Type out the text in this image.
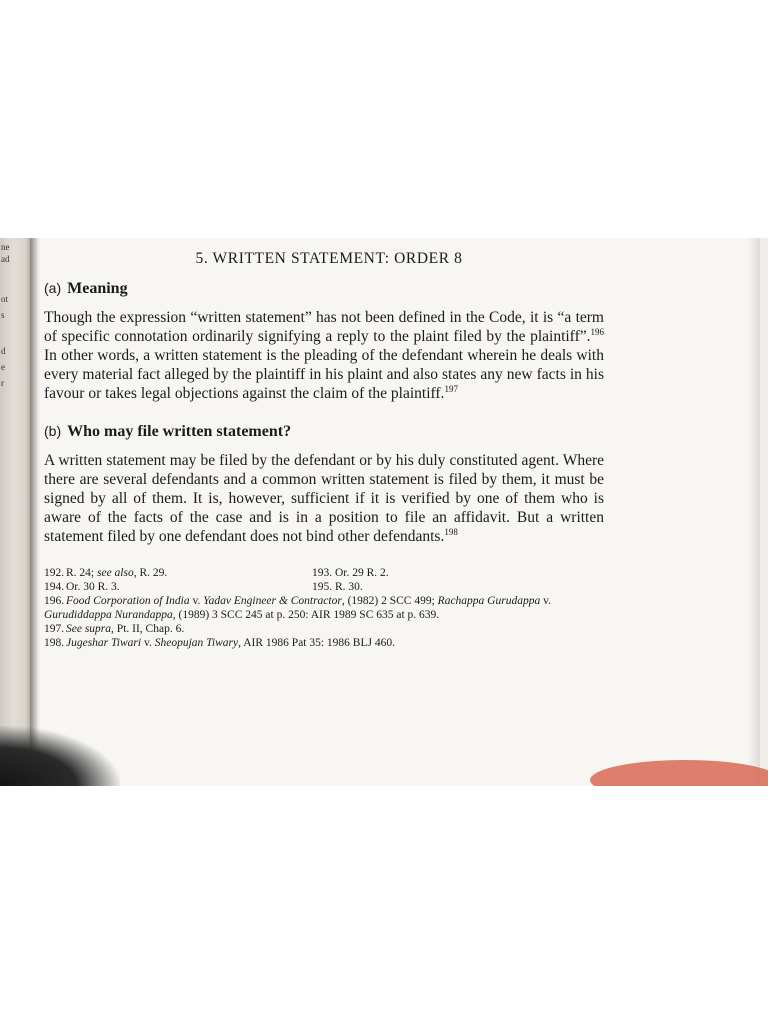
ne
ad
ot
s
d
e
r
5. WRITTEN STATEMENT: ORDER 8
(a) Meaning

Though the expression “written statement” has not been defined in the Code, it is “a term of specific connotation ordinarily signifying a reply to the plaint filed by the plaintiff”.$^{196}$ In other words, a written statement is the pleading of the defendant wherein he deals with every material fact alleged by the plaintiff in his plaint and also states any new facts in his favour or takes legal objections against the claim of the plaintiff.$^{197}$

(b) Who may file written statement?

A written statement may be filed by the defendant or by his duly constituted agent. Where there are several defendants and a common written statement is filed by them, it must be signed by all of them. It is, however, sufficient if it is verified by one of them who is aware of the facts of the case and is in a position to file an affidavit. But a written statement filed by one defendant does not bind other defendants.$^{198}$

192. R. 24; see also, R. 29.	193. Or. 29 R. 2.
194. Or. 30 R. 3.	195. R. 30.
196. Food Corporation of India v. Yadav Engineer & Contractor, (1982) 2 SCC 499; Rachappa Gurudappa v. Gurudiddappa Nurandappa, (1989) 3 SCC 245 at p. 250: AIR 1989 SC 635 at p. 639.
197. See supra, Pt. II, Chap. 6.
198. Jugeshar Tiwari v. Sheopujan Tiwary, AIR 1986 Pat 35: 1986 BLJ 460.
